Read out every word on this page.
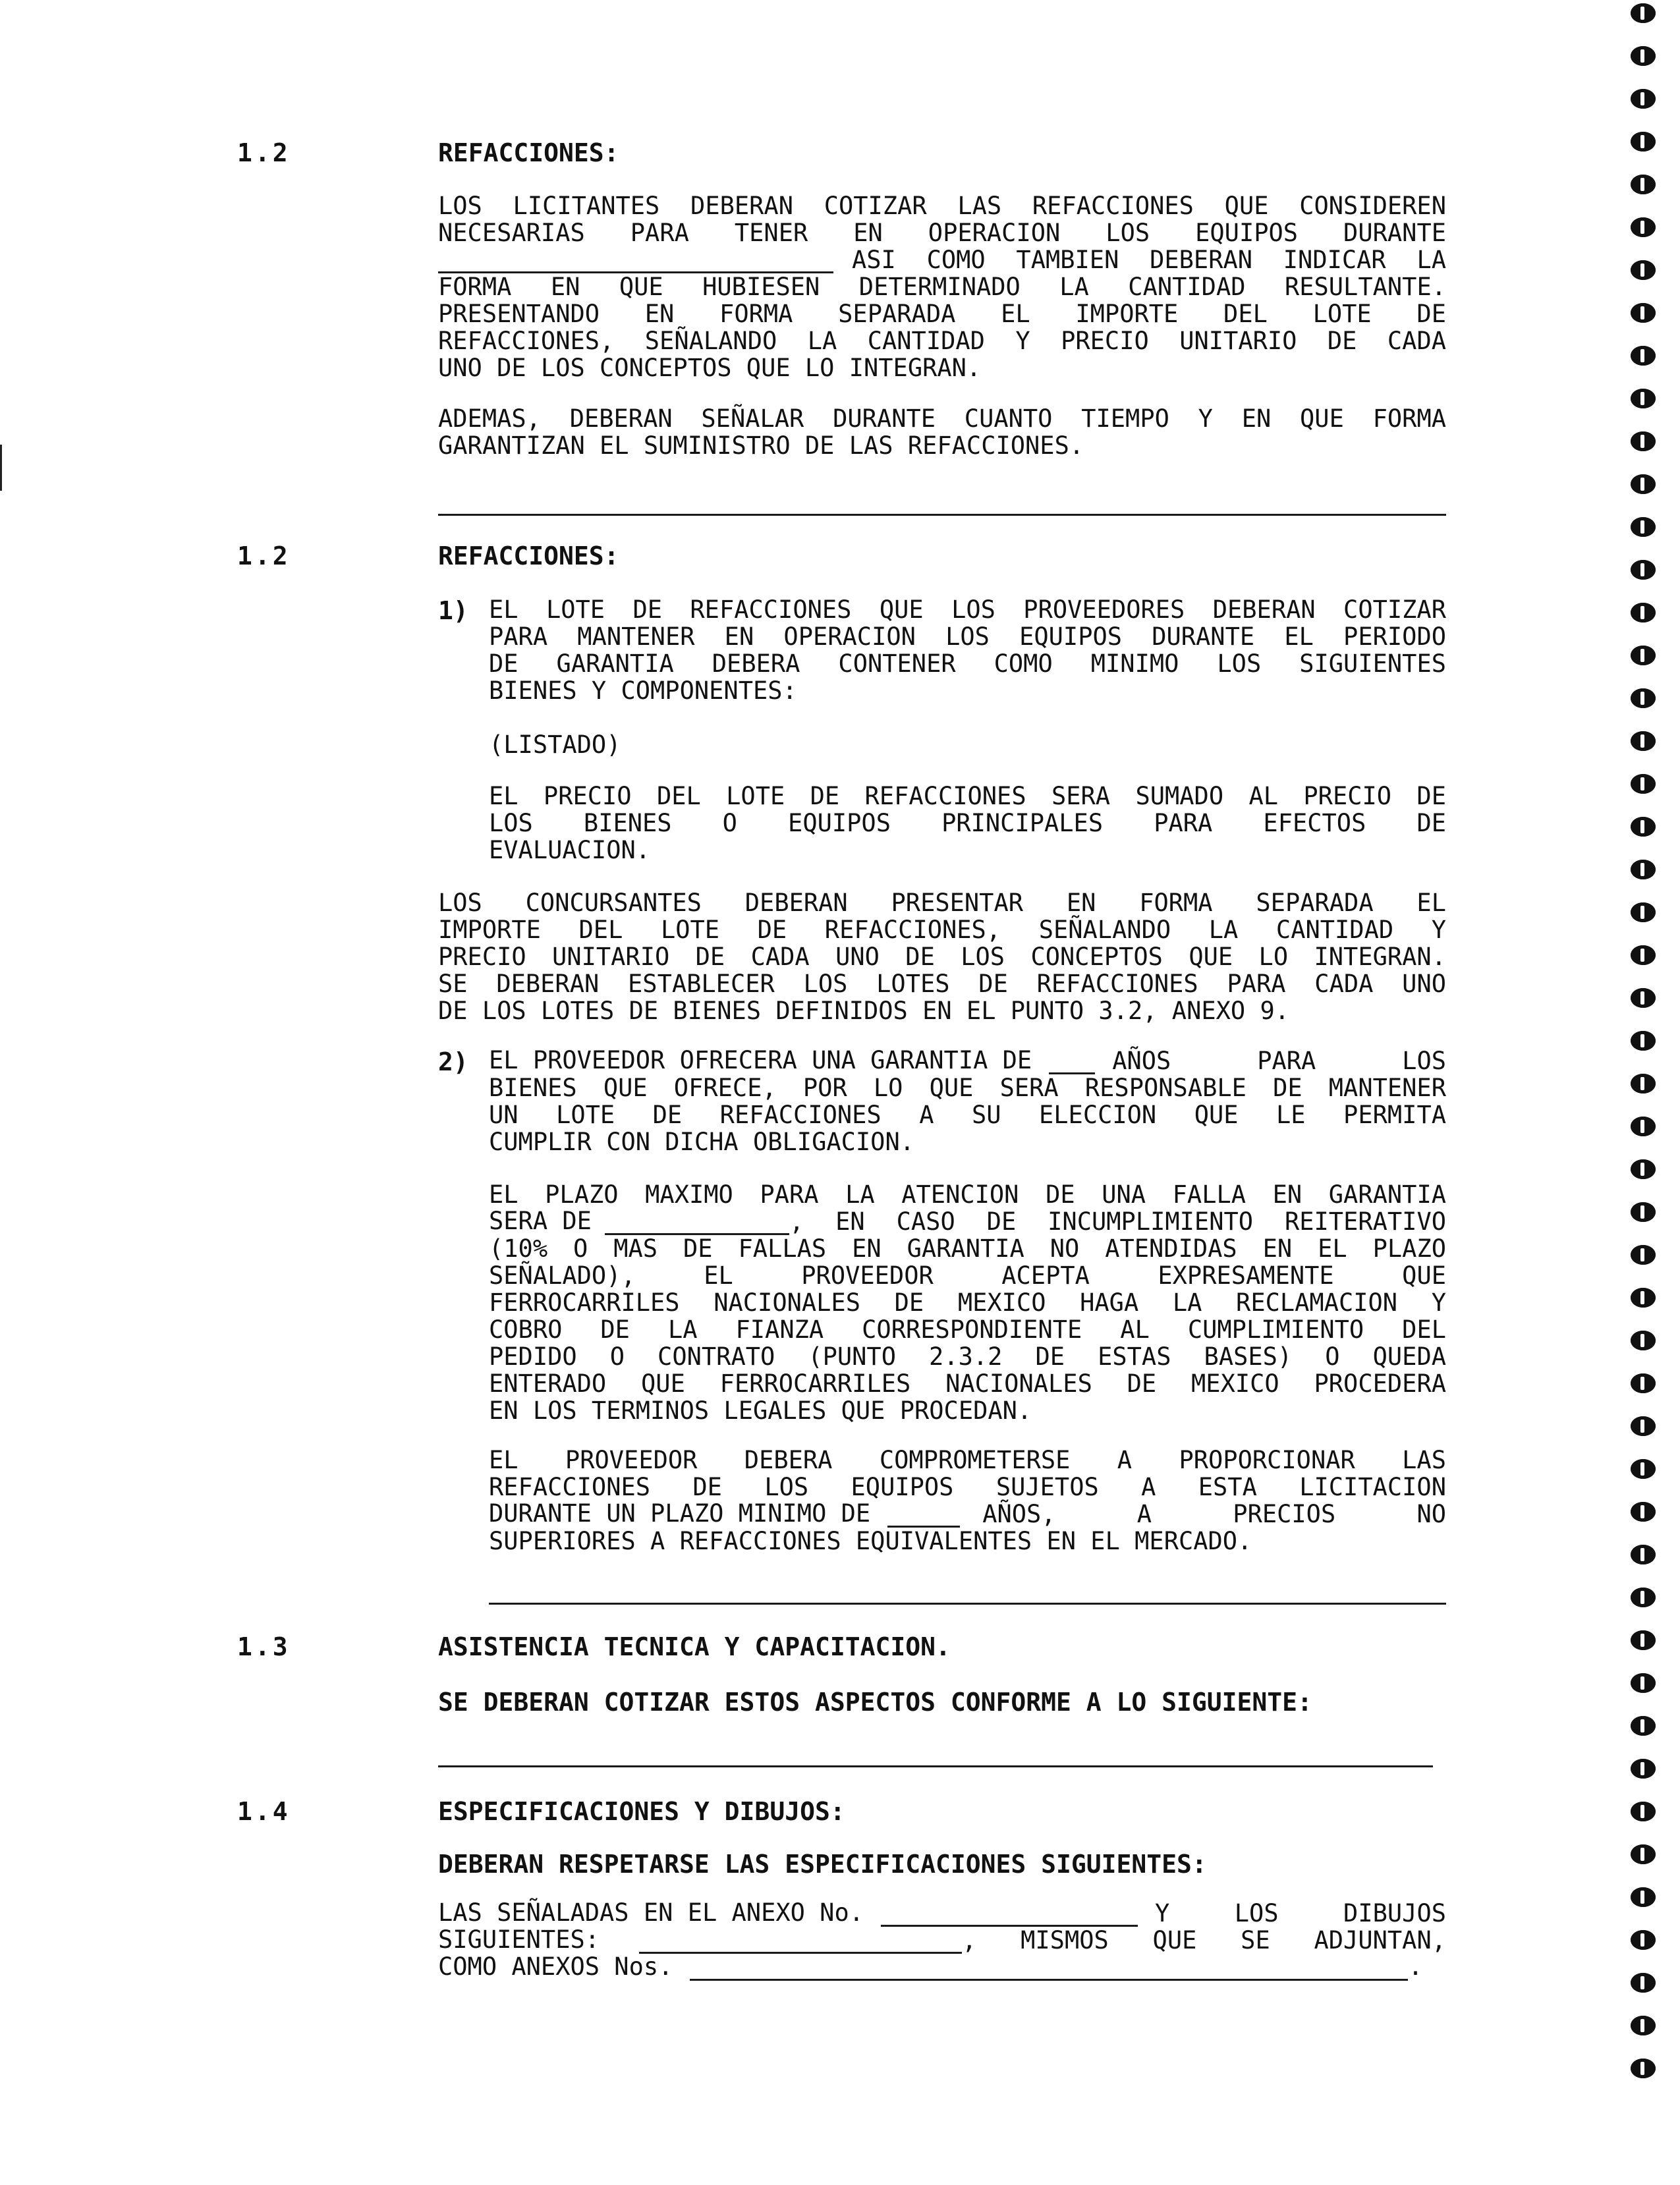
1.2	REFACCIONES:
LOS LICITANTES DEBERAN COTIZAR LAS REFACCIONES QUE CONSIDEREN
NECESARIAS PARA TENER EN OPERACION LOS EQUIPOS DURANTE
ASI COMO TAMBIEN DEBERAN INDICAR LA
FORMA EN QUE HUBIESEN DETERMINADO LA CANTIDAD RESULTANTE.
PRESENTANDO EN FORMA SEPARADA EL IMPORTE DEL LOTE DE
REFACCIONES, SEÑALANDO LA CANTIDAD Y PRECIO UNITARIO DE CADA
UNO DE LOS CONCEPTOS QUE LO INTEGRAN.
ADEMAS, DEBERAN SEÑALAR DURANTE CUANTO TIEMPO Y EN QUE FORMA
GARANTIZAN EL SUMINISTRO DE LAS REFACCIONES.
1.2	REFACCIONES:
1) EL LOTE DE REFACCIONES QUE LOS PROVEEDORES DEBERAN COTIZAR
PARA MANTENER EN OPERACION LOS EQUIPOS DURANTE EL PERIODO
DE GARANTIA DEBERA CONTENER COMO MINIMO LOS SIGUIENTES
BIENES Y COMPONENTES:
(LISTADO)
EL PRECIO DEL LOTE DE REFACCIONES SERA SUMADO AL PRECIO DE
LOS BIENES O EQUIPOS PRINCIPALES PARA EFECTOS DE
EVALUACION.
LOS CONCURSANTES DEBERAN PRESENTAR EN FORMA SEPARADA EL
IMPORTE DEL LOTE DE REFACCIONES, SEÑALANDO LA CANTIDAD Y
PRECIO UNITARIO DE CADA UNO DE LOS CONCEPTOS QUE LO INTEGRAN.
SE DEBERAN ESTABLECER LOS LOTES DE REFACCIONES PARA CADA UNO
DE LOS LOTES DE BIENES DEFINIDOS EN EL PUNTO 3.2, ANEXO 9.
2) EL PROVEEDOR OFRECERA UNA GARANTIA DE	AÑOS PARA LOS
BIENES QUE OFRECE, POR LO QUE SERA RESPONSABLE DE MANTENER
UN LOTE DE REFACCIONES A SU ELECCION QUE LE PERMITA
CUMPLIR CON DICHA OBLIGACION.
EL PLAZO MAXIMO PARA LA ATENCION DE UNA FALLA EN GARANTIA
SERA DE	, EN CASO DE INCUMPLIMIENTO REITERATIVO
(10% O MAS DE FALLAS EN GARANTIA NO ATENDIDAS EN EL PLAZO
SEÑALADO), EL PROVEEDOR ACEPTA EXPRESAMENTE QUE
FERROCARRILES NACIONALES DE MEXICO HAGA LA RECLAMACION Y
COBRO DE LA FIANZA CORRESPONDIENTE AL CUMPLIMIENTO DEL
PEDIDO O CONTRATO (PUNTO 2.3.2 DE ESTAS BASES) O QUEDA
ENTERADO QUE FERROCARRILES NACIONALES DE MEXICO PROCEDERA
EN LOS TERMINOS LEGALES QUE PROCEDAN.
EL PROVEEDOR DEBERA COMPROMETERSE A PROPORCIONAR LAS
REFACCIONES DE LOS EQUIPOS SUJETOS A ESTA LICITACION
DURANTE UN PLAZO MINIMO DE	AÑOS, A PRECIOS NO
SUPERIORES A REFACCIONES EQUIVALENTES EN EL MERCADO.
1.3	ASISTENCIA TECNICA Y CAPACITACION.
SE DEBERAN COTIZAR ESTOS ASPECTOS CONFORME A LO SIGUIENTE:
1.4	ESPECIFICACIONES Y DIBUJOS:
DEBERAN RESPETARSE LAS ESPECIFICACIONES SIGUIENTES:
LAS SEÑALADAS EN EL ANEXO No.	Y LOS DIBUJOS
SIGUIENTES:	, MISMOS QUE SE ADJUNTAN,
COMO ANEXOS Nos.	.
